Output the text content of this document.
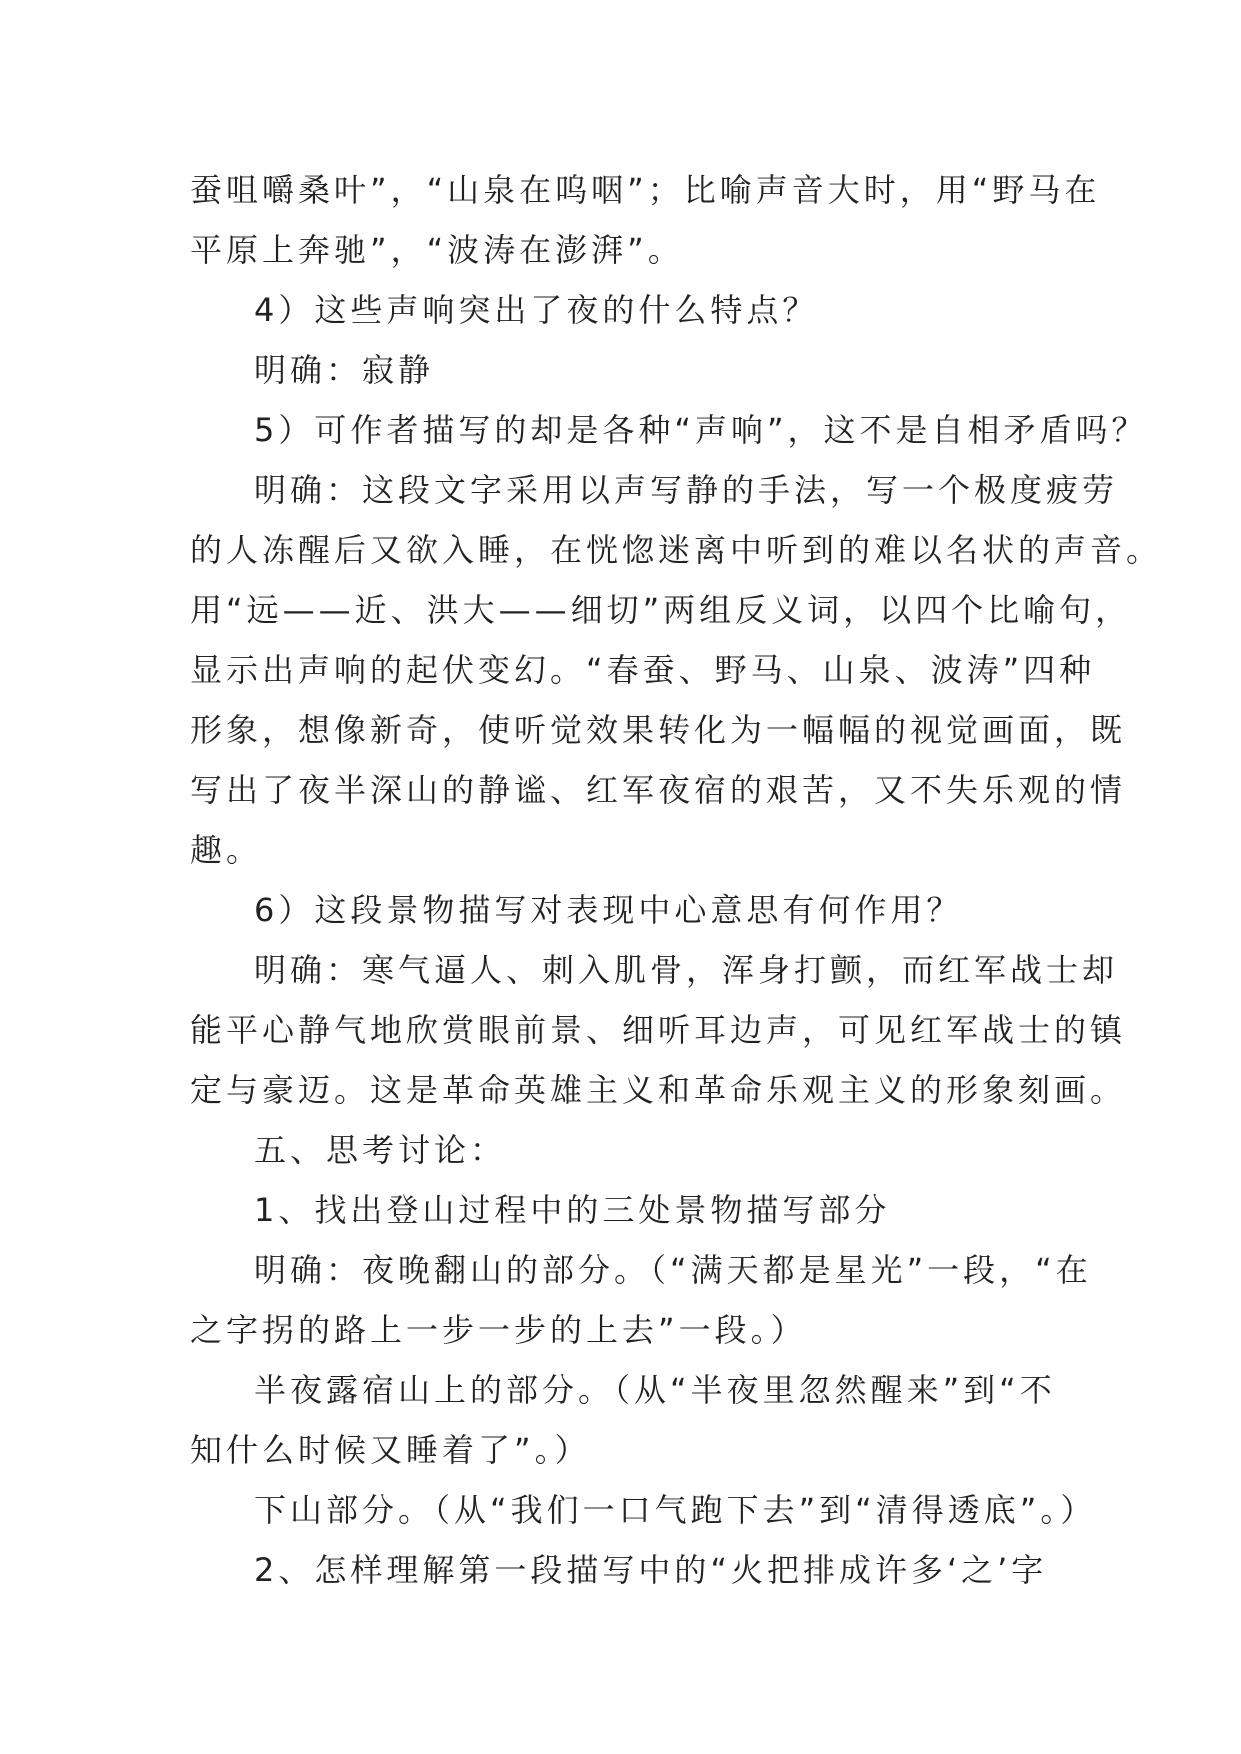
蚕咀嚼桑叶”，“山泉在呜咽”；比喻声音大时，用“野马在
平原上奔驰”，“波涛在澎湃”。
4）这些声响突出了夜的什么特点？
明确：寂静
5）可作者描写的却是各种“声响”，这不是自相矛盾吗？
明确：这段文字采用以声写静的手法，写一个极度疲劳
的人冻醒后又欲入睡，在恍惚迷离中听到的难以名状的声音。
用“远——近、洪大——细切”两组反义词，以四个比喻句，
显示出声响的起伏变幻。“春蚕、野马、山泉、波涛”四种
形象，想像新奇，使听觉效果转化为一幅幅的视觉画面，既
写出了夜半深山的静谧、红军夜宿的艰苦，又不失乐观的情
趣。
6）这段景物描写对表现中心意思有何作用？
明确：寒气逼人、刺入肌骨，浑身打颤，而红军战士却
能平心静气地欣赏眼前景、细听耳边声，可见红军战士的镇
定与豪迈。这是革命英雄主义和革命乐观主义的形象刻画。
五、思考讨论：
1、找出登山过程中的三处景物描写部分
明确：夜晚翻山的部分。（“满天都是星光”一段，“在
之字拐的路上一步一步的上去”一段。）
半夜露宿山上的部分。（从“半夜里忽然醒来”到“不
知什么时候又睡着了”。）
下山部分。（从“我们一口气跑下去”到“清得透底”。）
2、怎样理解第一段描写中的“火把排成许多‘之’字
